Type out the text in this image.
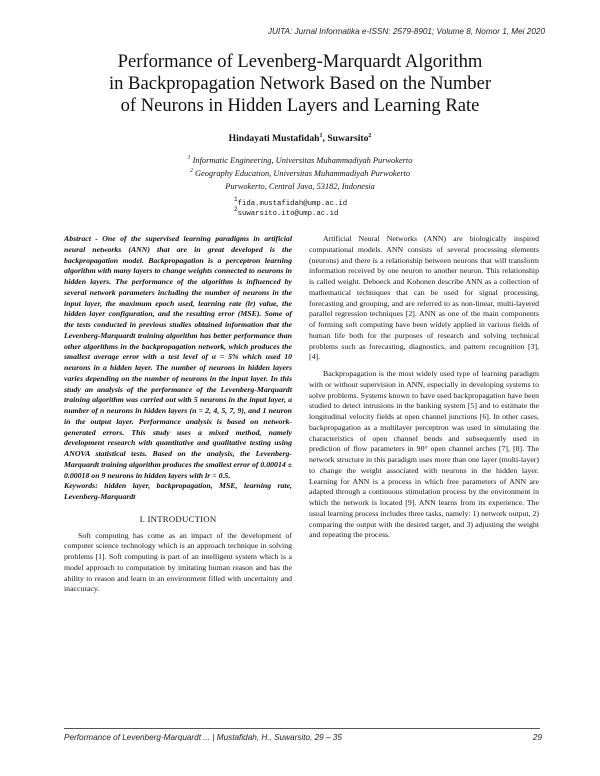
JUITA: Jurnal Informatika e-ISSN: 2579-8901; Volume 8, Nomor 1, Mei 2020
Performance of Levenberg-Marquardt Algorithm
in Backpropagation Network Based on the Number
of Neurons in Hidden Layers and Learning Rate
Hindayati Mustafidah$^1$, Suwarsito$^2$
$^1$ Informatic Engineering, Universitas Muhammadiyah Purwokerto
$^2$ Geography Education, Universitas Muhammadiyah Purwokerto
Purwokerto, Central Java, 53182, Indonesia
$^1$fida.mustafidah@ump.ac.id
$^2$suwarsito.ito@ump.ac.id

Abstract - One of the supervised learning paradigms in artificial neural networks (ANN) that are in great developed is the backpropagation model. Backpropagation is a perceptron learning algorithm with many layers to change weights connected to neurons in hidden layers. The performance of the algorithm is influenced by several network parameters including the number of neurons in the input layer, the maximum epoch used, learning rate (lr) value, the hidden layer configuration, and the resulting error (MSE). Some of the tests conducted in previous studies obtained information that the Levenberg-Marquardt training algorithm has better performance than other algorithms in the backpropagation network, which produces the smallest average error with a test level of α = 5% which used 10 neurons in a hidden layer. The number of neurons in hidden layers varies depending on the number of neurons in the input layer. In this study an analysis of the performance of the Levenberg-Marquardt training algorithm was carried out with 5 neurons in the input layer, a number of n neurons in hidden layers (n = 2, 4, 5, 7, 9), and 1 neuron in the output layer. Performance analysis is based on network-generated errors. This study uses a mixed method, namely development research with quantitative and qualitative testing using ANOVA statistical tests. Based on the analysis, the Levenberg-Marquardt training algorithm produces the smallest error of 0.00014 ± 0.00018 on 9 neurons in hidden layers with lr = 0.5.

Keywords: hidden layer, backpropagation, MSE, learning rate, Levenberg-Marquardt

I. INTRODUCTION

Soft computing has come as an impact of the development of computer science technology which is an approach technique in solving problems [1]. Soft computing is part of an intelligent system which is a model approach to computation by imitating human reason and has the ability to reason and learn in an environment filled with uncertainty and inaccuracy.

Artificial Neural Networks (ANN) are biologically inspired computational models. ANN consists of several processing elements (neurons) and there is a relationship between neurons that will transform information received by one neuron to another neuron. This relationship is called weight. Deboeck and Kohonen describe ANN as a collection of mathematical techniques that can be used for signal processing, forecasting and grouping, and are referred to as non-linear, multi-layered parallel regression techniques [2]. ANN as one of the main components of forming soft computing have been widely applied in various fields of human life both for the purposes of research and solving technical problems such as forecasting, diagnostics, and pattern recognition [3], [4].

Backpropagation is the most widely used type of learning paradigm with or without supervision in ANN, especially in developing systems to solve problems. Systems known to have used backpropagation have been studied to detect intrusions in the banking system [5] and to estimate the longitudinal velocity fields at open channel junctions [6]. In other cases, backpropagation as a multilayer perceptron was used in simulating the characteristics of open channel bends and subsequently used in prediction of flow parameters in 90° open channel arches [7], [8]. The network structure in this paradigm uses more than one layer (multi-layer) to change the weight associated with neurons in the hidden layer. Learning for ANN is a process in which free parameters of ANN are adapted through a continuous stimulation process by the environment in which the network is located [9]. ANN learns from its experience. The usual learning process includes three tasks, namely: 1) network output, 2) comparing the output with the desired target, and 3) adjusting the weight and repeating the process.

Performance of Levenberg-Marquardt ... | Mustafidah, H., Suwarsito, 29 – 35	29
